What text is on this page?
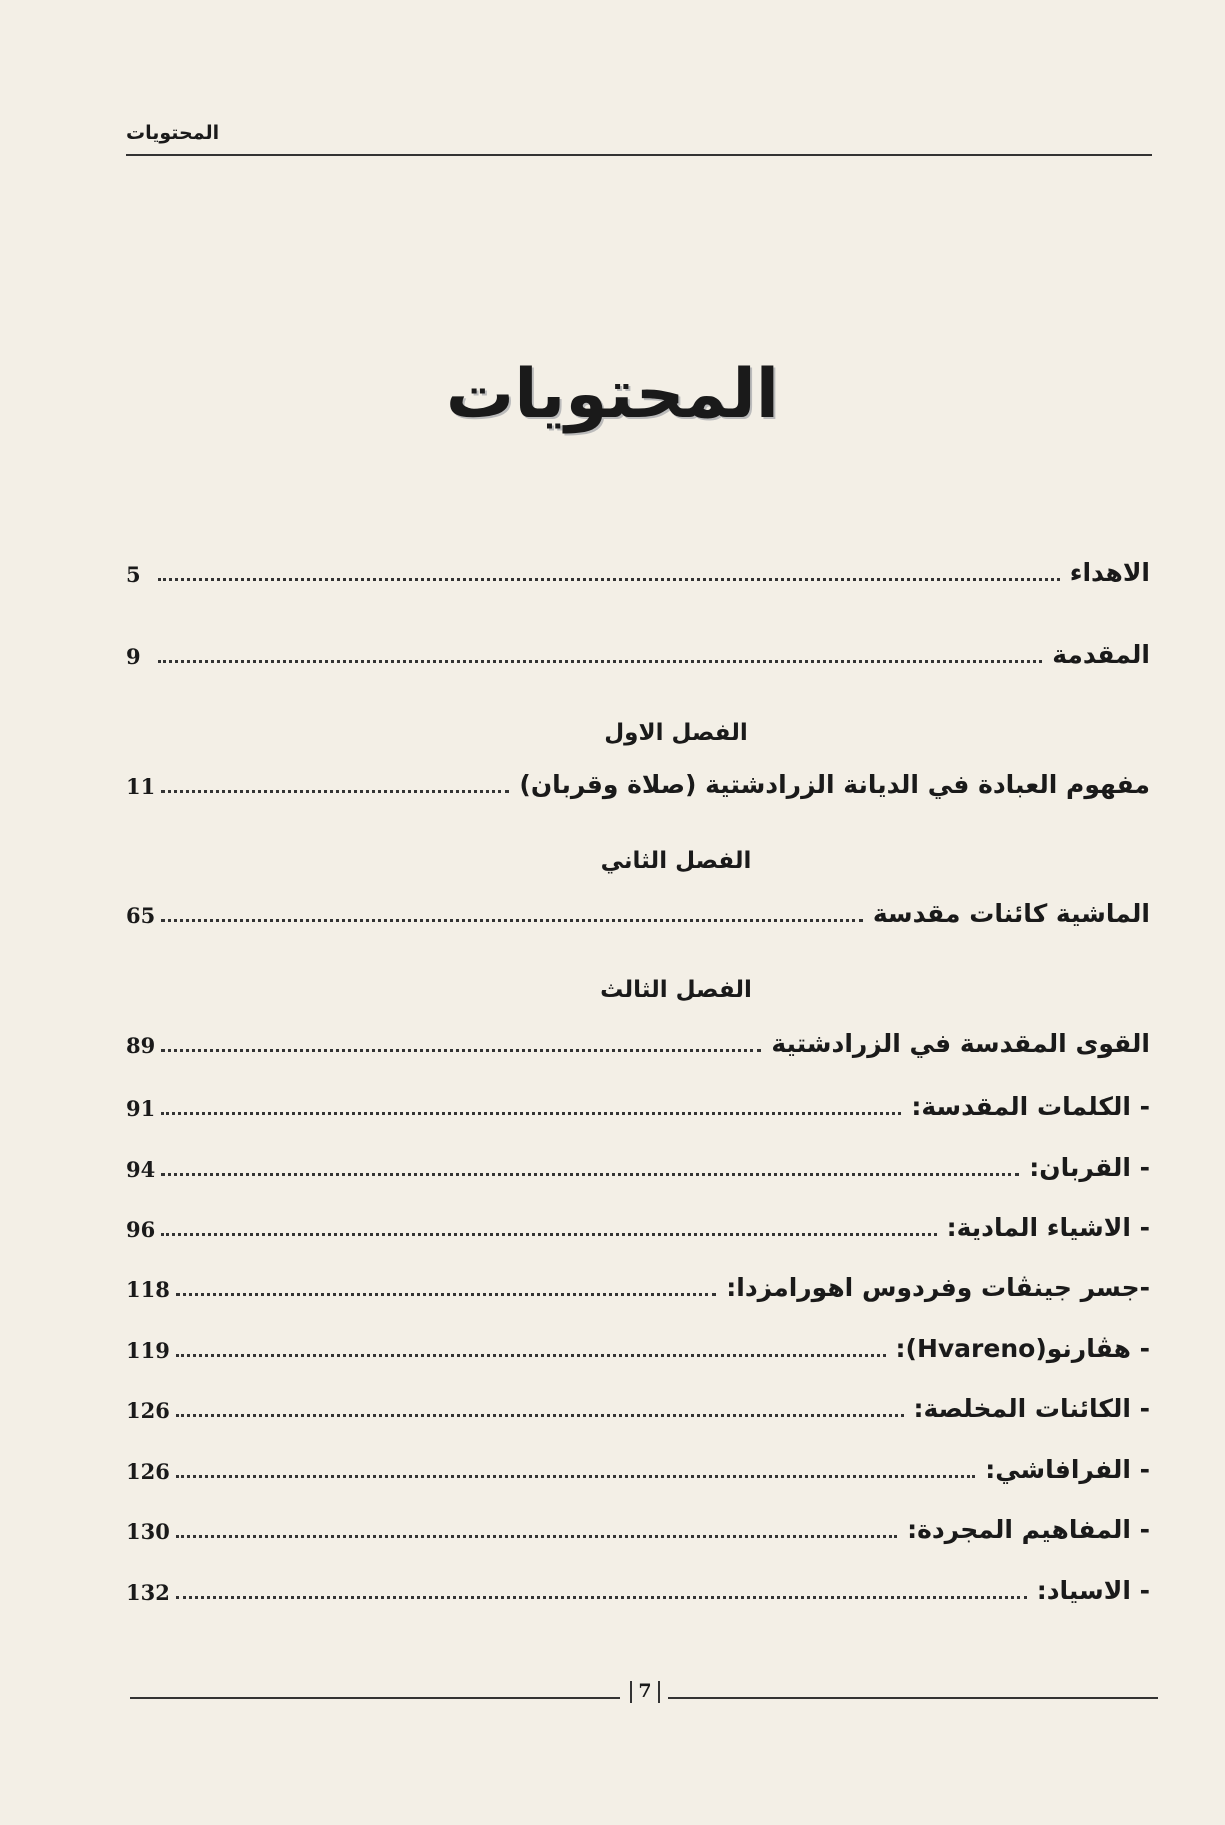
المحتويات
المحتويات
5	الاهداء
9	المقدمة
الفصل الاول
11	مفهوم العبادة في الديانة الزرادشتية (صلاة وقربان)
الفصل الثاني
65	الماشية كائنات مقدسة
الفصل الثالث
89	القوى المقدسة في الزرادشتية
91	- الكلمات المقدسة:
94	- القربان:
96	- الاشياء المادية:
118	-جسر جينڤات وفردوس اهورامزدا:
119	- هڤارنو(Hvareno):
126	- الكائنات المخلصة:
126	- الفرافاشي:
130	- المفاهيم المجردة:
132	- الاسياد:
7
